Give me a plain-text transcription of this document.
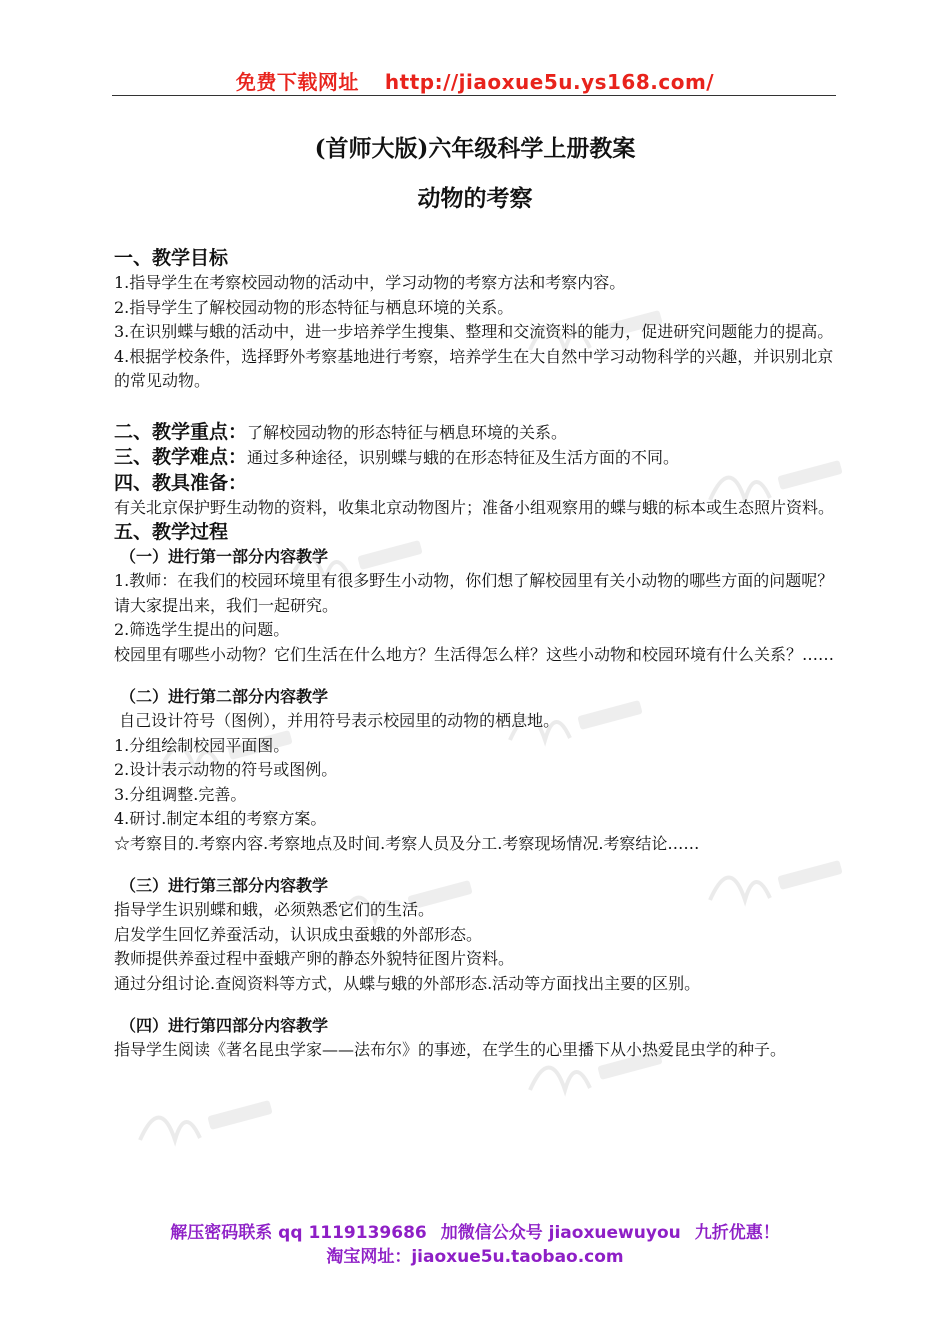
免费下载网址 http://jiaoxue5u.ys168.com/
(首师大版)六年级科学上册教案
动物的考察

一、教学目标

1.指导学生在考察校园动物的活动中，学习动物的考察方法和考察内容。

2.指导学生了解校园动物的形态特征与栖息环境的关系。

3.在识别蝶与蛾的活动中，进一步培养学生搜集、整理和交流资料的能力，促进研究问题能力的提高。

4.根据学校条件，选择野外考察基地进行考察，培养学生在大自然中学习动物科学的兴趣，并识别北京的常见动物。

二、教学重点：了解校园动物的形态特征与栖息环境的关系。

三、教学难点：通过多种途径，识别蝶与蛾的在形态特征及生活方面的不同。

四、教具准备：

有关北京保护野生动物的资料，收集北京动物图片；准备小组观察用的蝶与蛾的标本或生态照片资料。

五、教学过程

（一）进行第一部分内容教学

1.教师：在我们的校园环境里有很多野生小动物，你们想了解校园里有关小动物的哪些方面的问题呢？请大家提出来，我们一起研究。

2.筛选学生提出的问题。

校园里有哪些小动物？它们生活在什么地方？生活得怎么样？这些小动物和校园环境有什么关系？……

（二）进行第二部分内容教学

自己设计符号（图例），并用符号表示校园里的动物的栖息地。

1.分组绘制校园平面图。

2.设计表示动物的符号或图例。

3.分组调整.完善。

4.研讨.制定本组的考察方案。

☆考察目的.考察内容.考察地点及时间.考察人员及分工.考察现场情况.考察结论……

（三）进行第三部分内容教学

指导学生识别蝶和蛾，必须熟悉它们的生活。

启发学生回忆养蚕活动，认识成虫蚕蛾的外部形态。

教师提供养蚕过程中蚕蛾产卵的静态外貌特征图片资料。

通过分组讨论.查阅资料等方式，从蝶与蛾的外部形态.活动等方面找出主要的区别。

（四）进行第四部分内容教学

指导学生阅读《著名昆虫学家——法布尔》的事迹，在学生的心里播下从小热爱昆虫学的种子。

解压密码联系 qq 1119139686 加微信公众号 jiaoxuewuyou 九折优惠！
淘宝网址：jiaoxue5u.taobao.com
